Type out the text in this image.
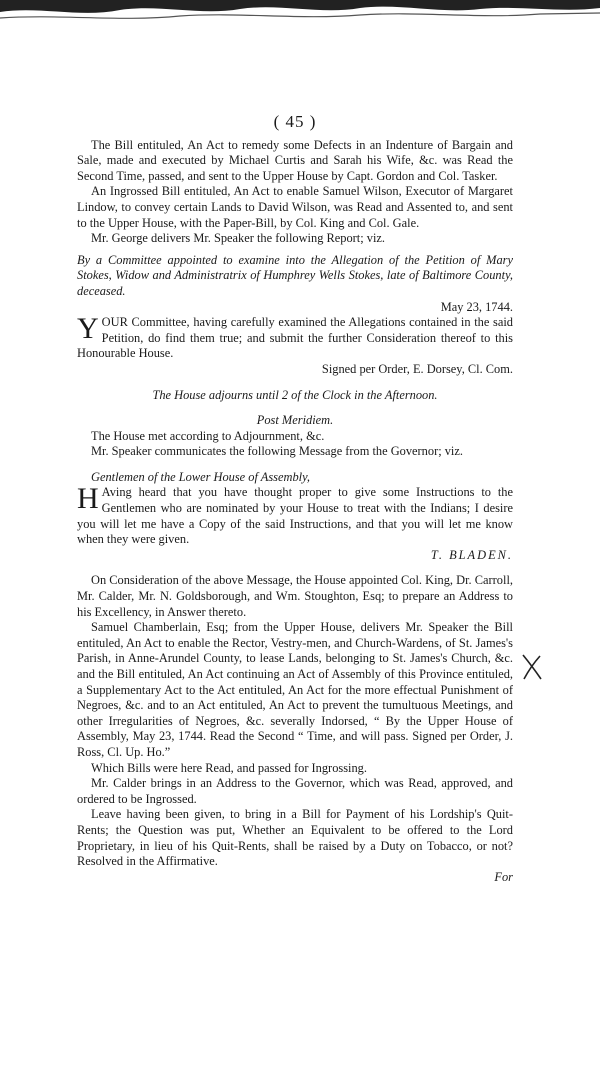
( 45 )

The Bill entituled, An Act to remedy some Defects in an Indenture of Bargain and Sale, made and executed by Michael Curtis and Sarah his Wife, &c. was Read the Second Time, passed, and sent to the Upper House by Capt. Gordon and Col. Tasker.

An Ingrossed Bill entituled, An Act to enable Samuel Wilson, Executor of Margaret Lindow, to convey certain Lands to David Wilson, was Read and Assented to, and sent to the Upper House, with the Paper-Bill, by Col. King and Col. Gale.

Mr. George delivers Mr. Speaker the following Report; viz.

By a Committee appointed to examine into the Allegation of the Petition of Mary Stokes, Widow and Administratrix of Humphrey Wells Stokes, late of Baltimore County, deceased.

May 23, 1744.

YOUR Committee, having carefully examined the Allegations contained in the said Petition, do find them true; and submit the further Consideration thereof to this Honourable House.

Signed per Order, E. Dorsey, Cl. Com.
The House adjourns until 2 of the Clock in the Afternoon.
Post Meridiem.

The House met according to Adjournment, &c.

Mr. Speaker communicates the following Message from the Governor; viz.

Gentlemen of the Lower House of Assembly,

H Aving heard that you have thought proper to give some Instructions to the Gentlemen who are nominated by your House to treat with the Indians; I desire you will let me have a Copy of the said Instructions, and that you will let me know when they were given.

T. BLADEN.

On Consideration of the above Message, the House appointed Col. King, Dr. Carroll, Mr. Calder, Mr. N. Goldsborough, and Wm. Stoughton, Esq; to prepare an Address to his Excellency, in Answer thereto.

Samuel Chamberlain, Esq; from the Upper House, delivers Mr. Speaker the Bill entituled, An Act to enable the Rector, Vestry-men, and Church-Wardens, of St. James's Parish, in Anne-Arundel County, to lease Lands, belonging to St. James's Church, &c. and the Bill entituled, An Act continuing an Act of Assembly of this Province entituled, a Supplementary Act to the Act entituled, An Act for the more effectual Punishment of Negroes, &c. and to an Act entituled, An Act to prevent the tumultuous Meetings, and other Irregularities of Negroes, &c. severally Indorsed, “ By the Upper House of Assembly, May 23, 1744. Read the Second “ Time, and will pass. Signed per Order, J. Ross, Cl. Up. Ho.”

Which Bills were here Read, and passed for Ingrossing.

Mr. Calder brings in an Address to the Governor, which was Read, approved, and ordered to be Ingrossed.

Leave having been given, to bring in a Bill for Payment of his Lordship's Quit-Rents; the Question was put, Whether an Equivalent to be offered to the Lord Proprietary, in lieu of his Quit-Rents, shall be raised by a Duty on Tobacco, or not? Resolved in the Affirmative.

For
